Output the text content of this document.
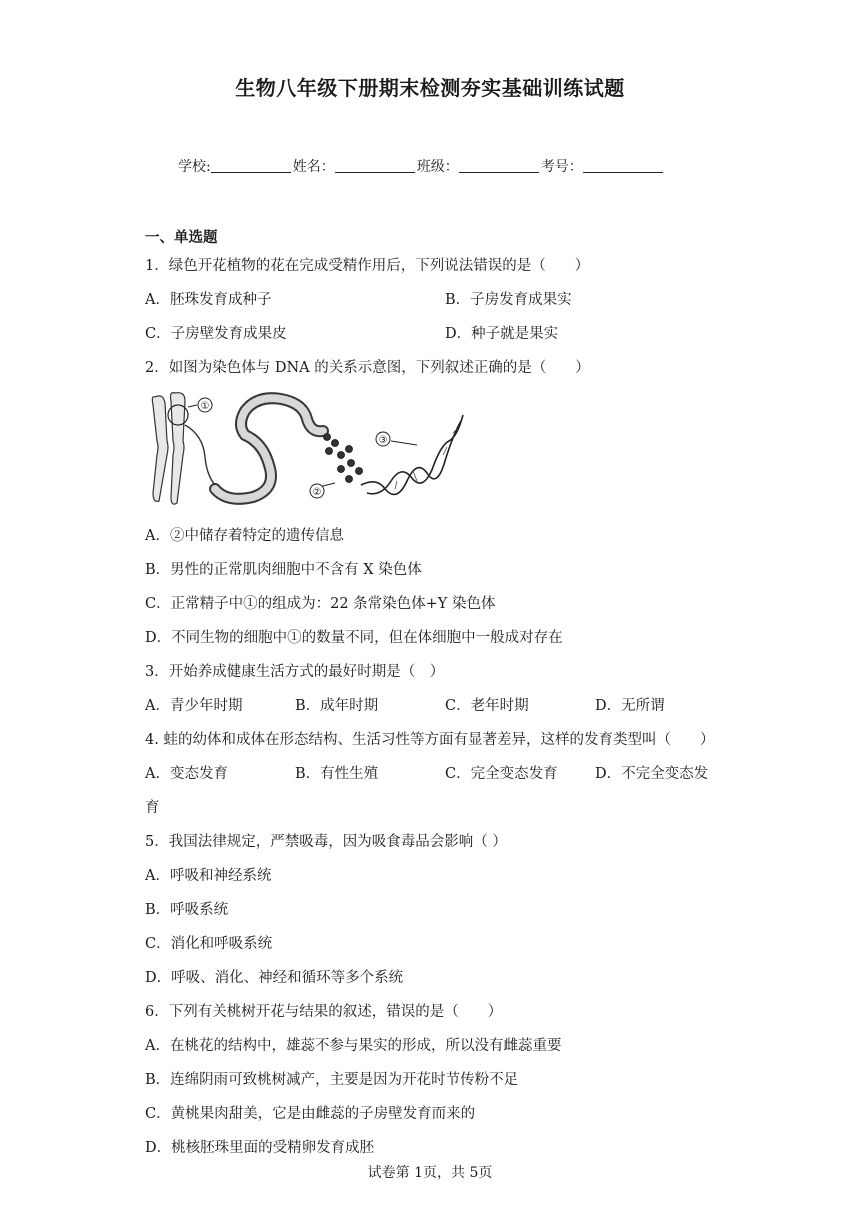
生物八年级下册期末检测夯实基础训练试题
学校:	姓名：	班级：	考号：
一、单选题
1．绿色开花植物的花在完成受精作用后，下列说法错误的是（　　）
A．胚珠发育成种子	B．子房发育成果实
C．子房壁发育成果皮	D．种子就是果实
2．如图为染色体与 DNA 的关系示意图，下列叙述正确的是（　　）
①
②
③
A．②中储存着特定的遗传信息
B．男性的正常肌肉细胞中不含有 X 染色体
C．正常精子中①的组成为：22 条常染色体+Y 染色体
D．不同生物的细胞中①的数量不同，但在体细胞中一般成对存在
3．开始养成健康生活方式的最好时期是（　）
A．青少年时期	B．成年时期	C．老年时期	D．无所谓
4. 蛙的幼体和成体在形态结构、生活习性等方面有显著差异，这样的发育类型叫（　　）
A．变态发育	B．有性生殖	C．完全变态发育	D．不完全变态发
育
5．我国法律规定，严禁吸毒，因为吸食毒品会影响（ ）
A．呼吸和神经系统
B．呼吸系统
C．消化和呼吸系统
D．呼吸、消化、神经和循环等多个系统
6．下列有关桃树开花与结果的叙述，错误的是（　　）
A．在桃花的结构中，雄蕊不参与果实的形成，所以没有雌蕊重要
B．连绵阴雨可致桃树减产，主要是因为开花时节传粉不足
C．黄桃果肉甜美，它是由雌蕊的子房壁发育而来的
D．桃核胚珠里面的受精卵发育成胚
试卷第 1页，共 5页
